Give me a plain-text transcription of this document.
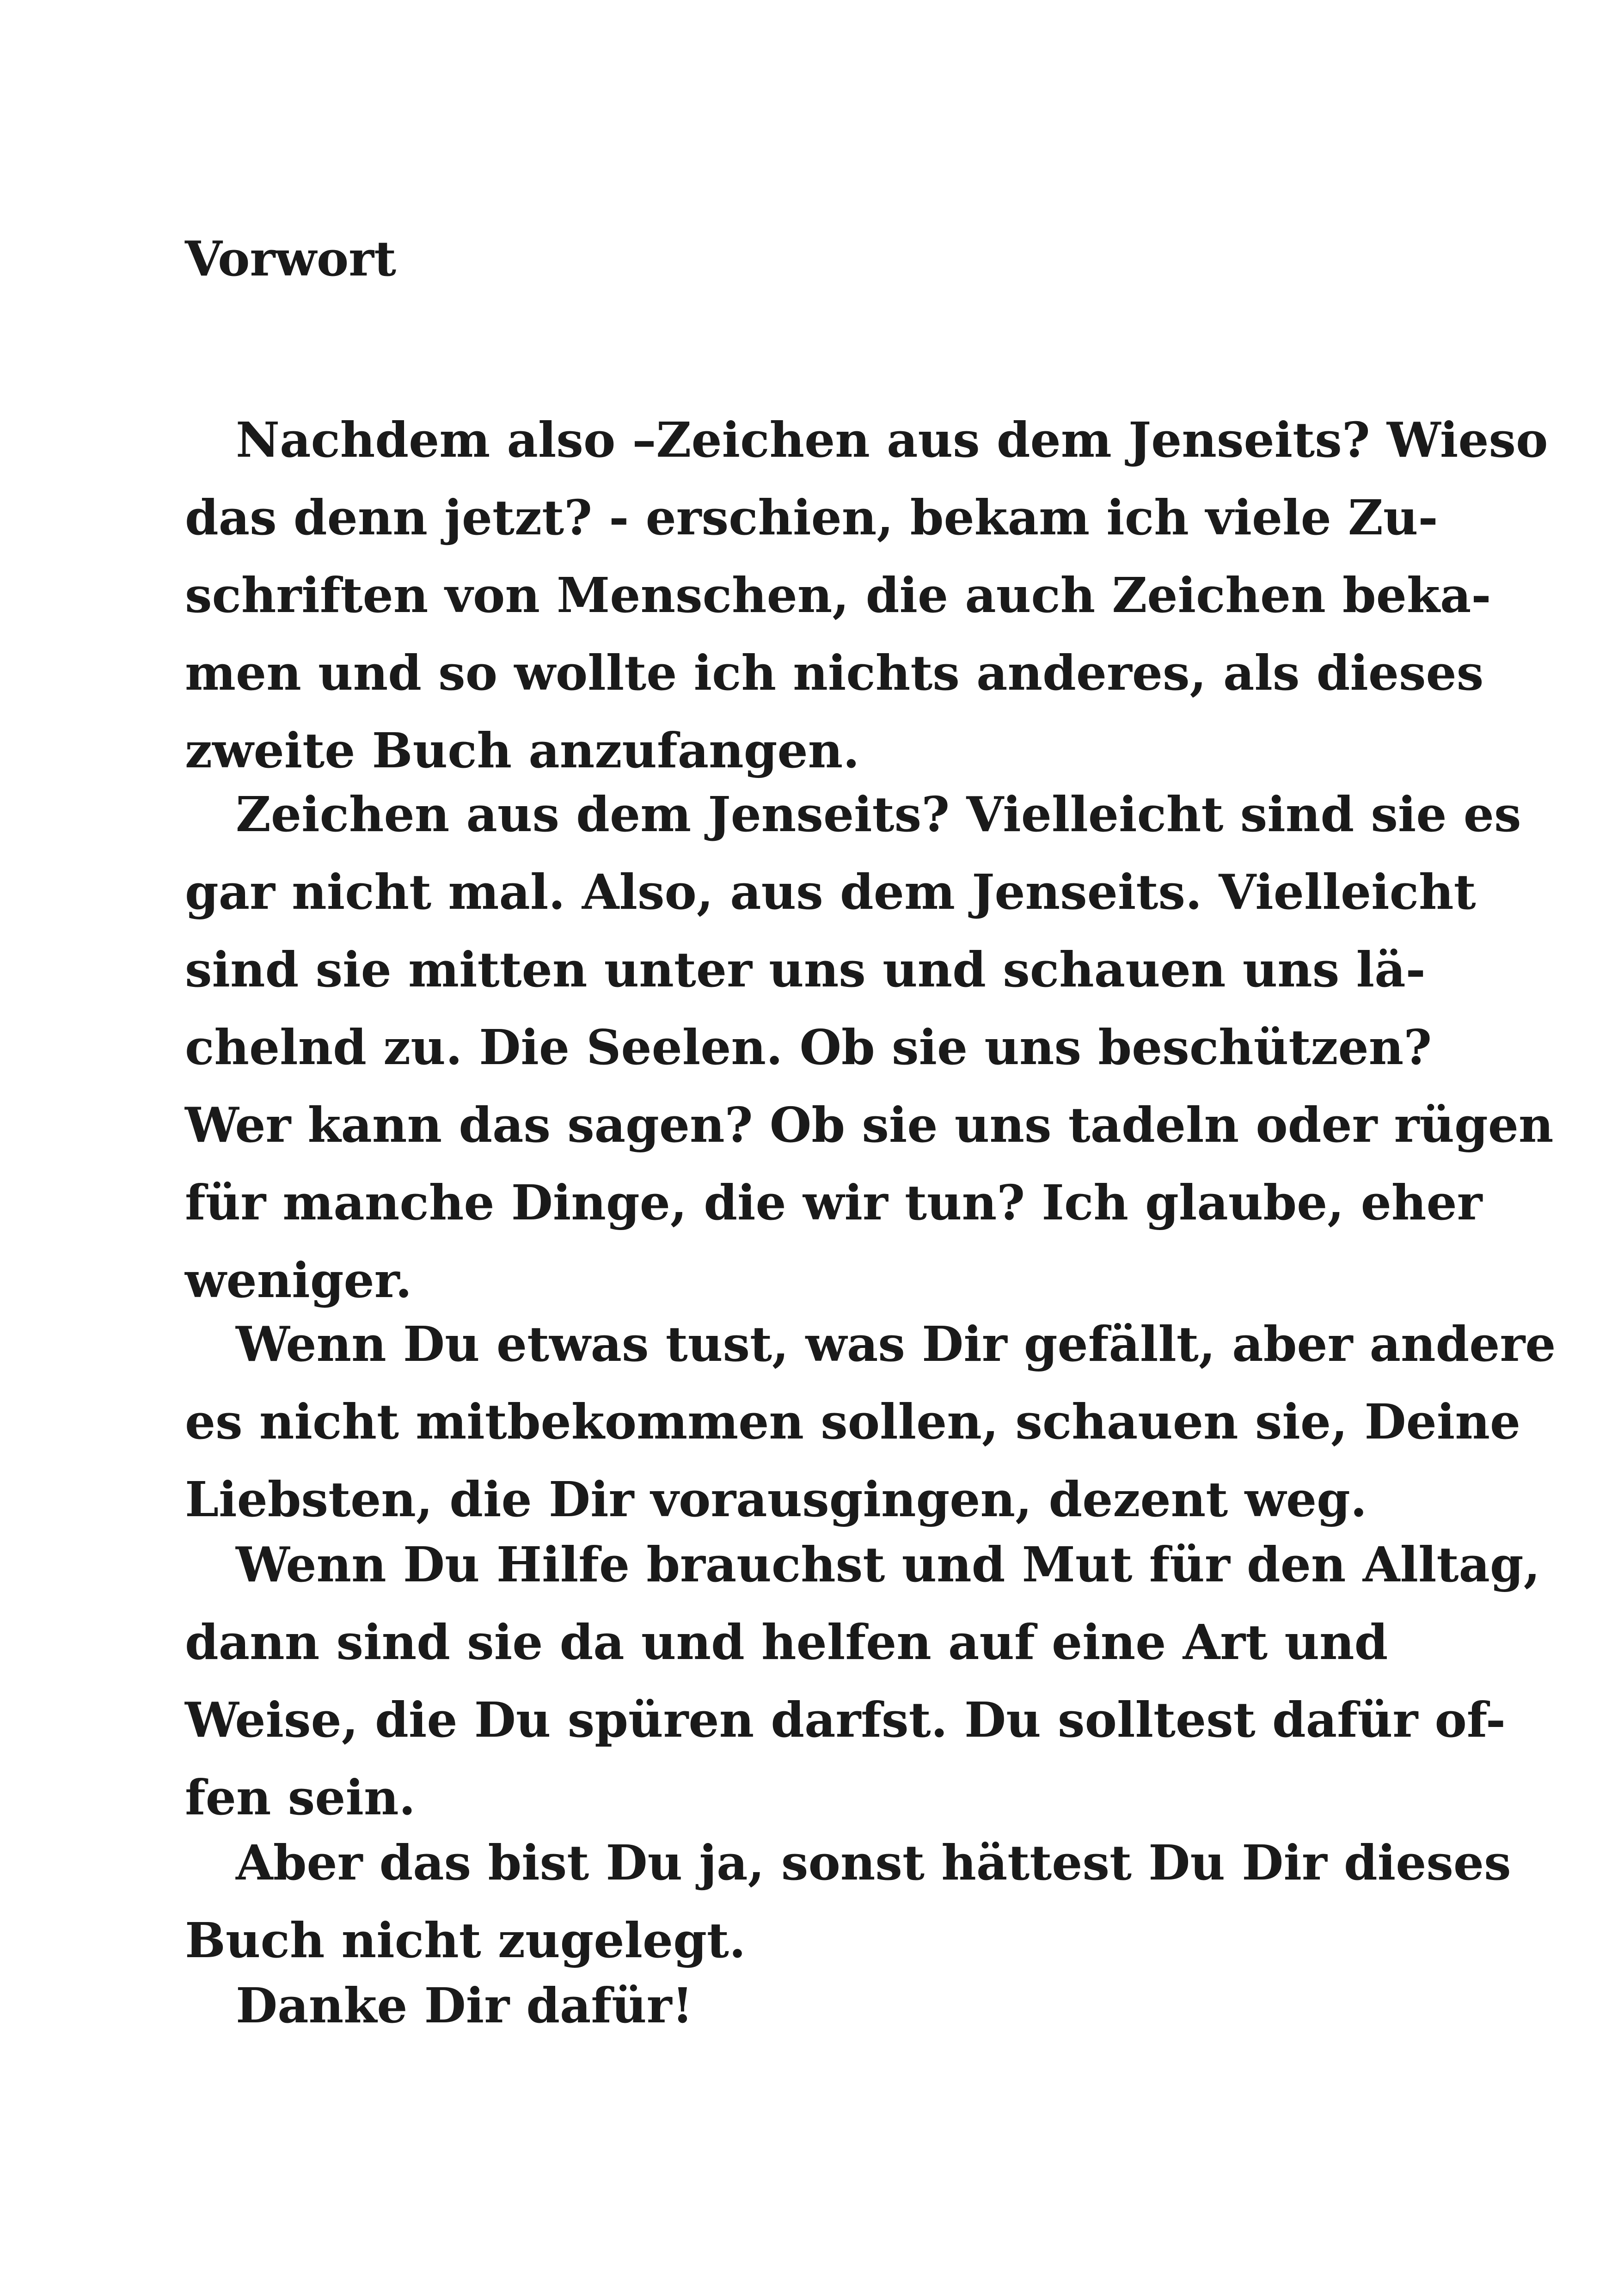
Vorwort

Nachdem also –Zeichen aus dem Jenseits? Wieso

das denn jetzt? - erschien, bekam ich viele Zu-

schriften von Menschen, die auch Zeichen beka-

men und so wollte ich nichts anderes, als dieses

zweite Buch anzufangen.

Zeichen aus dem Jenseits? Vielleicht sind sie es

gar nicht mal. Also, aus dem Jenseits. Vielleicht

sind sie mitten unter uns und schauen uns lä-

chelnd zu. Die Seelen. Ob sie uns beschützen?

Wer kann das sagen? Ob sie uns tadeln oder rügen

für manche Dinge, die wir tun? Ich glaube, eher

weniger.

Wenn Du etwas tust, was Dir gefällt, aber andere

es nicht mitbekommen sollen, schauen sie, Deine

Liebsten, die Dir vorausgingen, dezent weg.

Wenn Du Hilfe brauchst und Mut für den Alltag,

dann sind sie da und helfen auf eine Art und

Weise, die Du spüren darfst. Du solltest dafür of-

fen sein.

Aber das bist Du ja, sonst hättest Du Dir dieses

Buch nicht zugelegt.

Danke Dir dafür!
